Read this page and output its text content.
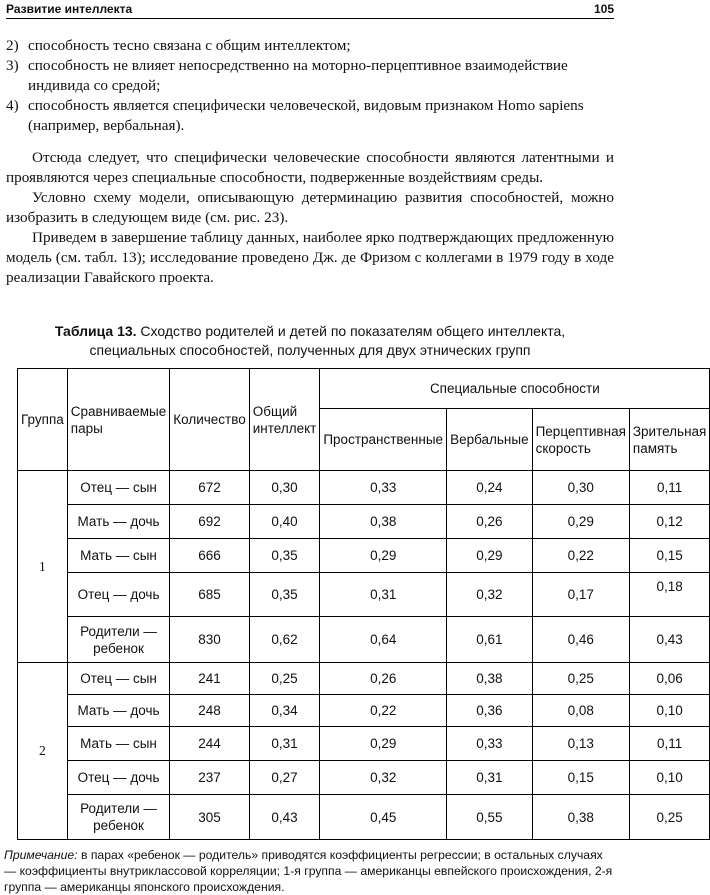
Развитие интеллекта	105
2) способность тесно связана с общим интеллектом;
3) способность не влияет непосредственно на моторно-перцептивное взаимодействие индивида со средой;
4) способность является специфически человеческой, видовым признаком Homo sapiens (например, вербальная).

Отсюда следует, что специфически человеческие способности являются латентными и проявляются через специальные способности, подверженные воздействиям среды.

Условно схему модели, описывающую детерминацию развития способностей, можно изобразить в следующем виде (см. рис. 23).

Приведем в завершение таблицу данных, наиболее ярко подтверждающих предложенную модель (см. табл. 13); исследование проведено Дж. де Фризом с коллегами в 1979 году в ходе реализации Гавайского проекта.

Таблица 13. Сходство родителей и детей по показателям общего интеллекта, специальных способностей, полученных для двух этнических групп
Группа	Сравниваемые пары	Количество	Общий интеллект	Специальные способности			
				Пространственные	Вербальные	Перцептивная скорость	Зрительная память
1	Отец — сын	672	0,30	0,33	0,24	0,30	0,11
	Мать — дочь	692	0,40	0,38	0,26	0,29	0,12
	Мать — сын	666	0,35	0,29	0,29	0,22	0,15
	Отец — дочь	685	0,35	0,31	0,32	0,17	0,18
	Родители — ребенок	830	0,62	0,64	0,61	0,46	0,43
2	Отец — сын	241	0,25	0,26	0,38	0,25	0,06
	Мать — дочь	248	0,34	0,22	0,36	0,08	0,10
	Мать — сын	244	0,31	0,29	0,33	0,13	0,11
	Отец — дочь	237	0,27	0,32	0,31	0,15	0,10
	Родители — ребенок	305	0,43	0,45	0,55	0,38	0,25
Примечание: в парах «ребенок — родитель» приводятся коэффициенты регрессии; в остальных случаях — коэффициенты внутриклассовой корреляции; 1-я группа — американцы евпейского происхождения, 2-я группа — американцы японского происхождения.
